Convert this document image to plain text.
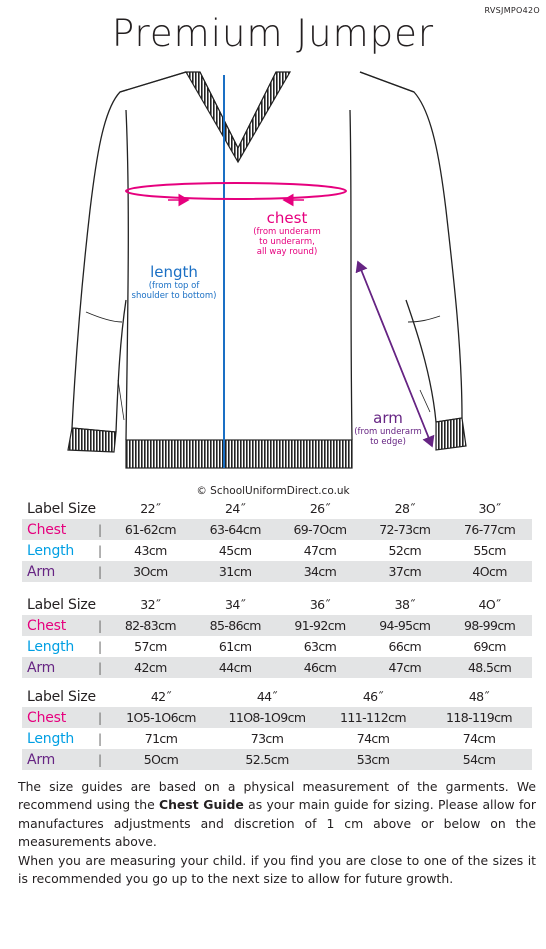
RVSJMPO42O
Premium Jumper
chest
(from underarm
to underarm,
all way round)
length
(from top of
shoulder to bottom)
arm
(from underarm
to edge)
© SchoolUniformDirect.co.uk
Label Size		22˝	24˝	26˝	28˝	3O˝
Chest	|	61-62cm	63-64cm	69-7Ocm	72-73cm	76-77cm
Length	|	43cm	45cm	47cm	52cm	55cm
Arm	|	3Ocm	31cm	34cm	37cm	4Ocm
Label Size		32˝	34˝	36˝	38˝	4O˝
Chest	|	82-83cm	85-86cm	91-92cm	94-95cm	98-99cm
Length	|	57cm	61cm	63cm	66cm	69cm
Arm	|	42cm	44cm	46cm	47cm	48.5cm
Label Size		42˝	44˝	46˝	48˝
Chest	|	1O5-1O6cm	11O8-1O9cm	111-112cm	118-119cm
Length	|	71cm	73cm	74cm	74cm
Arm	|	5Ocm	52.5cm	53cm	54cm

The size guides are based on a physical measurement of the garments. We recommend using the Chest Guide as your main guide for sizing. Please allow for manufactures adjustments and discretion of 1 cm above or below on the measurements above.

When you are measuring your child. if you find you are close to one of the sizes it is recommended you go up to the next size to allow for future growth.
